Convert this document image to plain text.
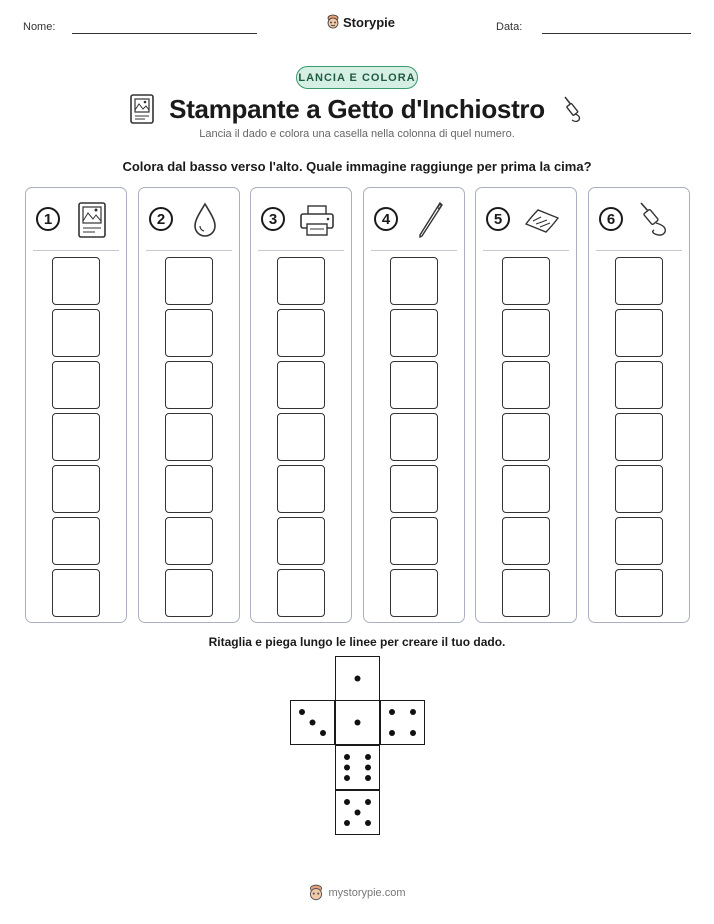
Nome:	Storypie	Data:
LANCIA E COLORA
Stampante a Getto d'Inchiostro
Lancia il dado e colora una casella nella colonna di quel numero.
Colora dal basso verso l'alto. Quale immagine raggiunge per prima la cima?
1	2	3	4	5	6
Ritaglia e piega lungo le linee per creare il tuo dado.
mystorypie.com
